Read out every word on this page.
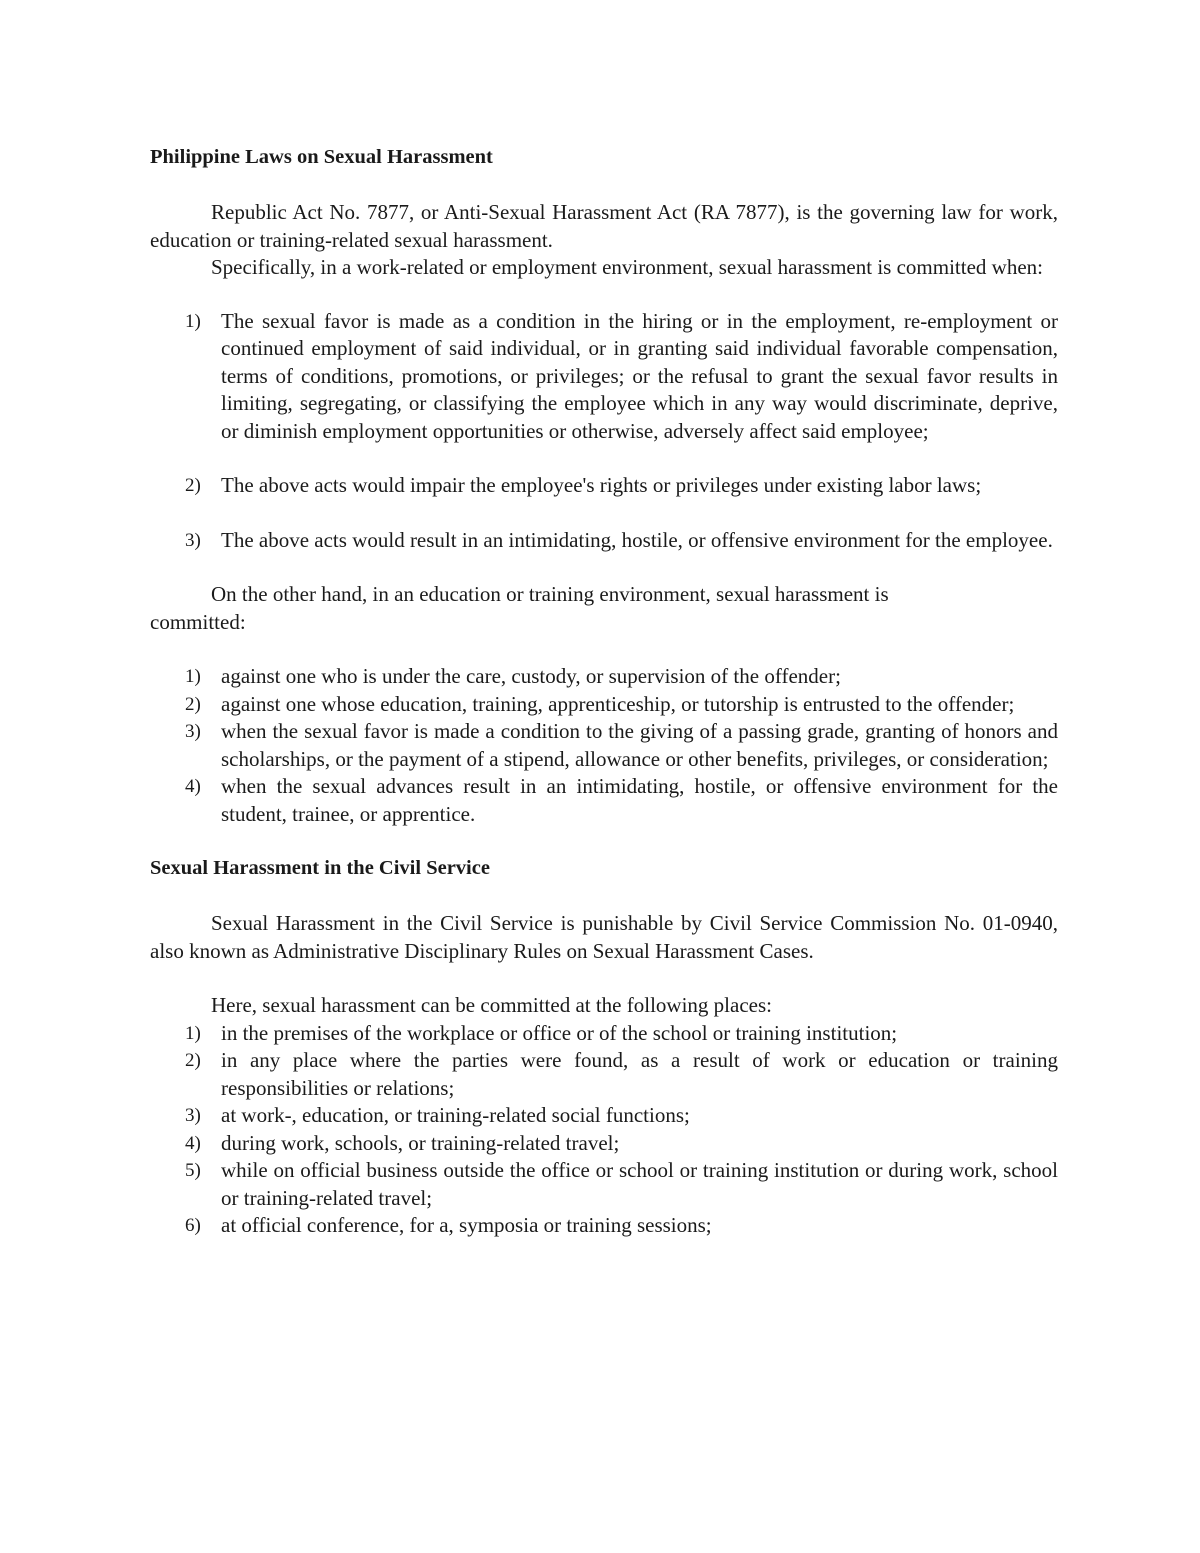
Philippine Laws on Sexual Harassment

Republic Act No. 7877, or Anti-Sexual Harassment Act (RA 7877), is the governing law for work, education or training-related sexual harassment.

Specifically, in a work-related or employment environment, sexual harassment is committed when:

1) The sexual favor is made as a condition in the hiring or in the employment, re-employment or continued employment of said individual, or in granting said individual favorable compensation, terms of conditions, promotions, or privileges; or the refusal to grant the sexual favor results in limiting, segregating, or classifying the employee which in any way would discriminate, deprive, or diminish employment opportunities or otherwise, adversely affect said employee;
2) The above acts would impair the employee's rights or privileges under existing labor laws;
3) The above acts would result in an intimidating, hostile, or offensive environment for the employee.

On the other hand, in an education or training environment, sexual harassment is committed:

1) against one who is under the care, custody, or supervision of the offender;
2) against one whose education, training, apprenticeship, or tutorship is entrusted to the offender;
3) when the sexual favor is made a condition to the giving of a passing grade, granting of honors and scholarships, or the payment of a stipend, allowance or other benefits, privileges, or consideration;
4) when the sexual advances result in an intimidating, hostile, or offensive environment for the student, trainee, or apprentice.
Sexual Harassment in the Civil Service

Sexual Harassment in the Civil Service is punishable by Civil Service Commission No. 01-0940, also known as Administrative Disciplinary Rules on Sexual Harassment Cases.

Here, sexual harassment can be committed at the following places:

1) in the premises of the workplace or office or of the school or training institution;
2) in any place where the parties were found, as a result of work or education or training responsibilities or relations;
3) at work-, education, or training-related social functions;
4) during work, schools, or training-related travel;
5) while on official business outside the office or school or training institution or during work, school or training-related travel;
6) at official conference, for a, symposia or training sessions;
